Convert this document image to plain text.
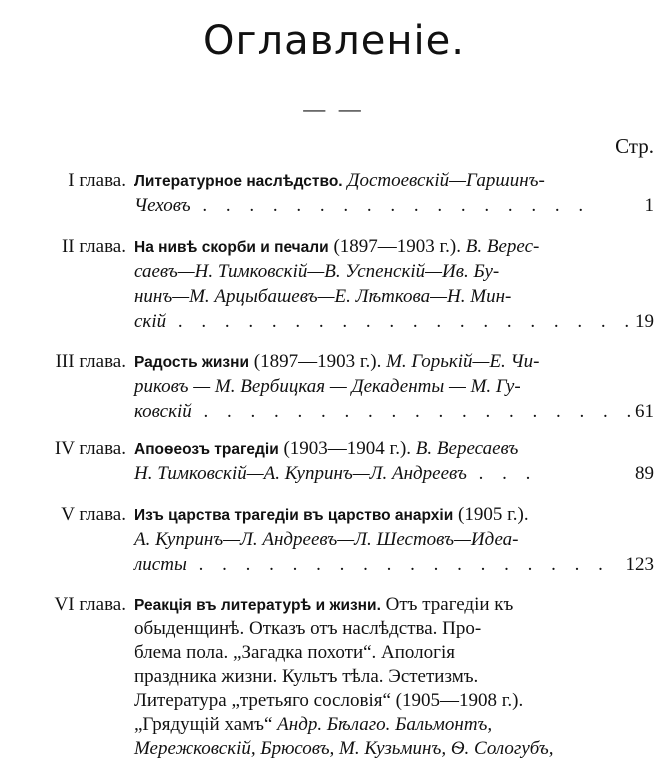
Оглавленiе.
— —
Стр.
I глава. Литературное наслѣдство. Достоевскiй—Гаршинъ-
Чеховъ . . . . . . . . . . . . . . . . .	1
II глава. На нивѣ скорби и печали (1897—1903 г.). В. Верес-
саевъ—Н. Тимковскiй—В. Успенскiй—Ив. Бу-
нинъ—М. Арцыбашевъ—Е. Лѣткова—Н. Мин-
скiй . . . . . . . . . . . . . . . . . . . .
19
III глава. Радость жизни (1897—1903 г.). М. Горькiй—Е. Чи-
риковъ — М. Вербицкая — Декаденты — М. Гу-
ковскiй . . . . . . . . . . . . . . . . . . .
61
IV глава. Апоѳеозъ трагедiи (1903—1904 г.). В. Вересаевъ
Н. Тимковскiй—А. Купринъ—Л. Андреевъ . . .	89
V глава. Изъ царства трагедiи въ царство анархiи (1905 г.).
А. Купринъ—Л. Андреевъ—Л. Шестовъ—Идеа-
листы . . . . . . . . . . . . . . . . . . 123
VI глава. Реакцiя въ литературѣ и жизни. Отъ трагедiи къ
обыденщинѣ. Отказъ отъ наслѣдства. Про-
блема пола. „Загадка похоти“. Апологiя
праздника жизни. Культъ тѣла. Эстетизмъ.
Литература „третьяго сословiя“ (1905—1908 г.).
„Грядущiй хамъ“ Андр. Бѣлаго. Бальмонтъ,
Мережковскiй, Брюсовъ, М. Кузьминъ, Ѳ. Сологубъ,
